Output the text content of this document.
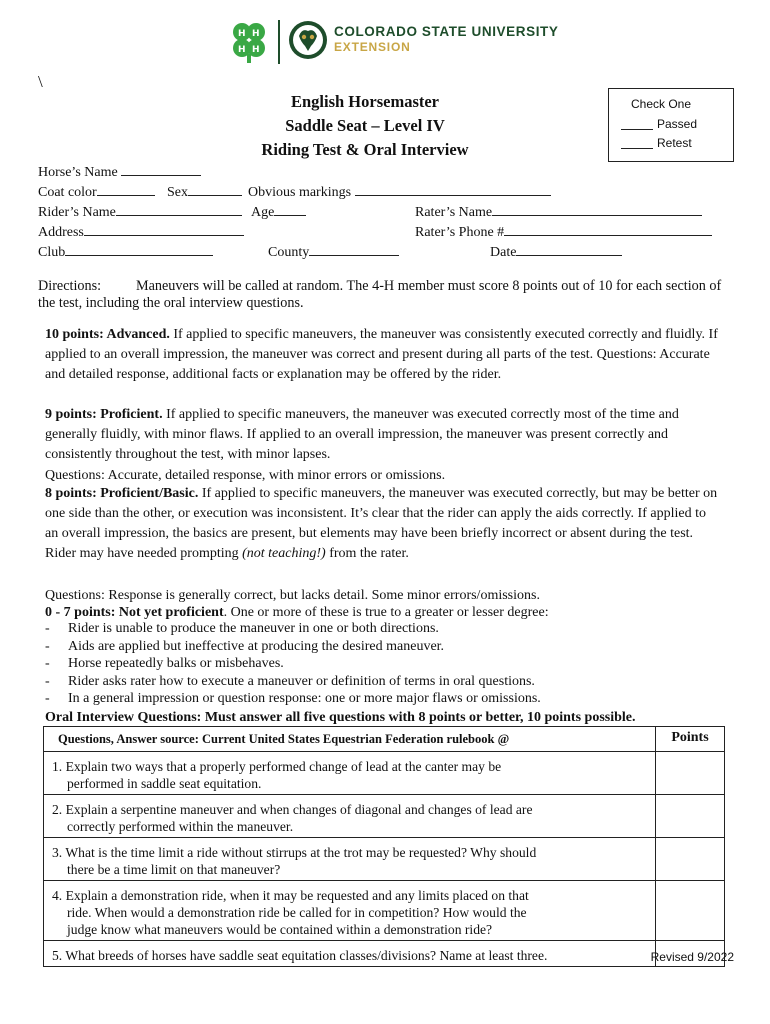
H H
H H
COLORADO STATE UNIVERSITY
EXTENSION
\
English Horsemaster
Saddle Seat – Level IV
Riding Test & Oral Interview
Check One
Passed
Retest
Horse’s Name
Coat color	Sex	Obvious markings
Rider’s Name	Age	Rater’s Name
Address	Rater’s Phone #
Club	County	Date
Directions: Maneuvers will be called at random. The 4-H member must score 8 points out of 10 for each section of the test, including the oral interview questions.
10 points: Advanced. If applied to specific maneuvers, the maneuver was consistently executed correctly and fluidly. If applied to an overall impression, the maneuver was correct and present during all parts of the test. Questions: Accurate and detailed response, additional facts or explanation may be offered by the rider.
9 points: Proficient. If applied to specific maneuvers, the maneuver was executed correctly most of the time and generally fluidly, with minor flaws. If applied to an overall impression, the maneuver was present correctly and consistently throughout the test, with minor lapses.
Questions: Accurate, detailed response, with minor errors or omissions.
8 points: Proficient/Basic. If applied to specific maneuvers, the maneuver was executed correctly, but may be better on one side than the other, or execution was inconsistent. It’s clear that the rider can apply the aids correctly. If applied to an overall impression, the basics are present, but elements may have been briefly incorrect or absent during the test. Rider may have needed prompting (not teaching!) from the rater.
Questions: Response is generally correct, but lacks detail. Some minor errors/omissions.
0 - 7 points: Not yet proficient. One or more of these is true to a greater or lesser degree:
- Rider is unable to produce the maneuver in one or both directions.
- Aids are applied but ineffective at producing the desired maneuver.
- Horse repeatedly balks or misbehaves.
- Rider asks rater how to execute a maneuver or definition of terms in oral questions.
- In a general impression or question response: one or more major flaws or omissions.
Oral Interview Questions: Must answer all five questions with 8 points or better, 10 points possible.
Questions, Answer source: Current United States Equestrian Federation rulebook @	Points

1. Explain two ways that a properly performed change of lead at the canter may be
performed in saddle seat equitation.	

2. Explain a serpentine maneuver and when changes of diagonal and changes of lead are
correctly performed within the maneuver.	

3. What is the time limit a ride without stirrups at the trot may be requested? Why should
there be a time limit on that maneuver?	

4. Explain a demonstration ride, when it may be requested and any limits placed on that
ride. When would a demonstration ride be called for in competition? How would the
judge know what maneuvers would be contained within a demonstration ride?	

5. What breeds of horses have saddle seat equitation classes/divisions? Name at least three.	
		Revised 9/2022
